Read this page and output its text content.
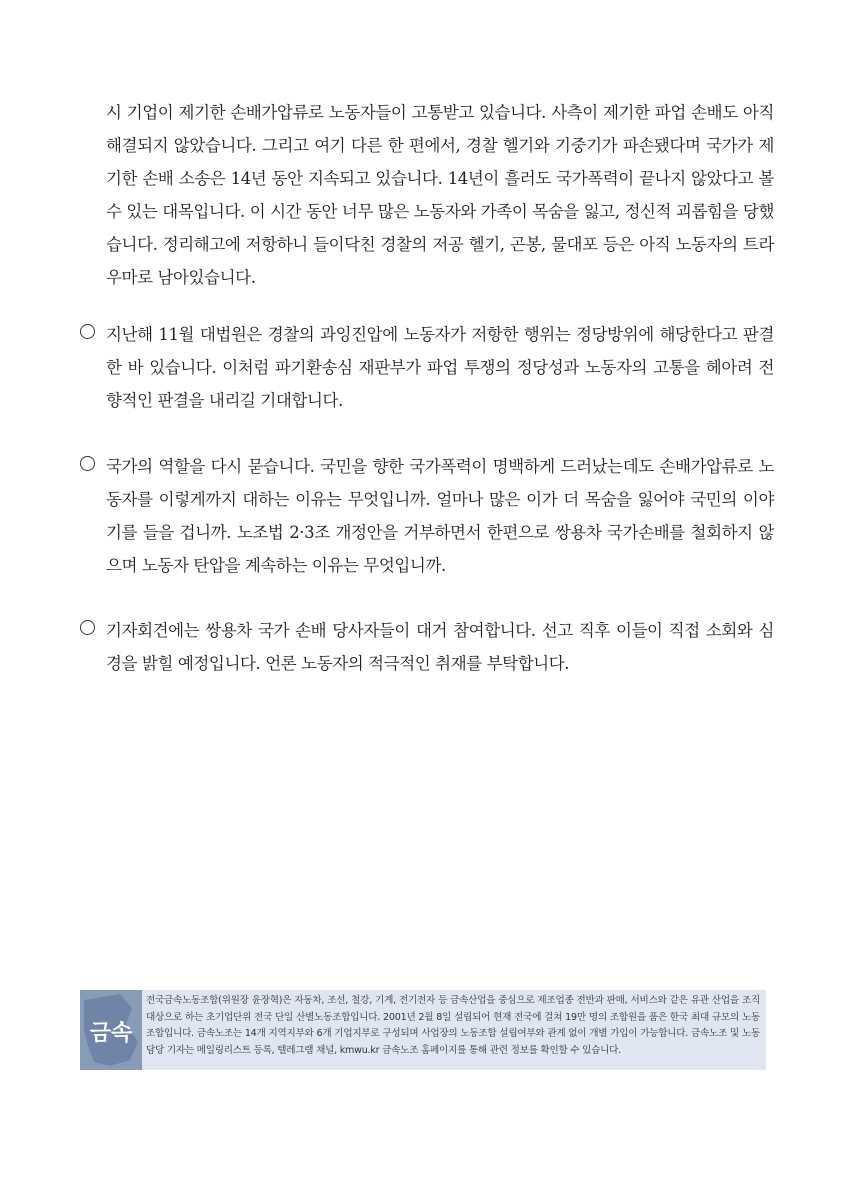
시 기업이 제기한 손배가압류로 노동자들이 고통받고 있습니다. 사측이 제기한 파업 손배도 아직 해결되지 않았습니다. 그리고 여기 다른 한 편에서, 경찰 헬기와 기중기가 파손됐다며 국가가 제기한 손배 소송은 14년 동안 지속되고 있습니다. 14년이 흘러도 국가폭력이 끝나지 않았다고 볼 수 있는 대목입니다. 이 시간 동안 너무 많은 노동자와 가족이 목숨을 잃고, 정신적 괴롭힘을 당했습니다. 정리해고에 저항하니 들이닥친 경찰의 저공 헬기, 곤봉, 물대포 등은 아직 노동자의 트라우마로 남아있습니다.

지난해 11월 대법원은 경찰의 과잉진압에 노동자가 저항한 행위는 정당방위에 해당한다고 판결한 바 있습니다. 이처럼 파기환송심 재판부가 파업 투쟁의 정당성과 노동자의 고통을 헤아려 전향적인 판결을 내리길 기대합니다.

국가의 역할을 다시 묻습니다. 국민을 향한 국가폭력이 명백하게 드러났는데도 손배가압류로 노동자를 이렇게까지 대하는 이유는 무엇입니까. 얼마나 많은 이가 더 목숨을 잃어야 국민의 이야기를 들을 겁니까. 노조법 2·3조 개정안을 거부하면서 한편으로 쌍용차 국가손배를 철회하지 않으며 노동자 탄압을 계속하는 이유는 무엇입니까.

기자회견에는 쌍용차 국가 손배 당사자들이 대거 참여합니다. 선고 직후 이들이 직접 소회와 심경을 밝힐 예정입니다. 언론 노동자의 적극적인 취재를 부탁합니다.

금속

전국금속노동조합(위원장 윤장혁)은 자동차, 조선, 철강, 기계, 전기전자 등 금속산업을 중심으로 제조업종 전반과 판매, 서비스와 같은 유관 산업을 조직대상으로 하는 초기업단위 전국 단일 산별노동조합입니다. 2001년 2월 8일 설립되어 현재 전국에 걸쳐 19만 명의 조합원을 품은 한국 최대 규모의 노동조합입니다. 금속노조는 14개 지역지부와 6개 기업지부로 구성되며 사업장의 노동조합 설립여부와 관계 없이 개별 가입이 가능합니다. 금속노조 및 노동 담당 기자는 메일링리스트 등록, 텔레그램 채널, kmwu.kr 금속노조 홈페이지를 통해 관련 정보를 확인할 수 있습니다.
